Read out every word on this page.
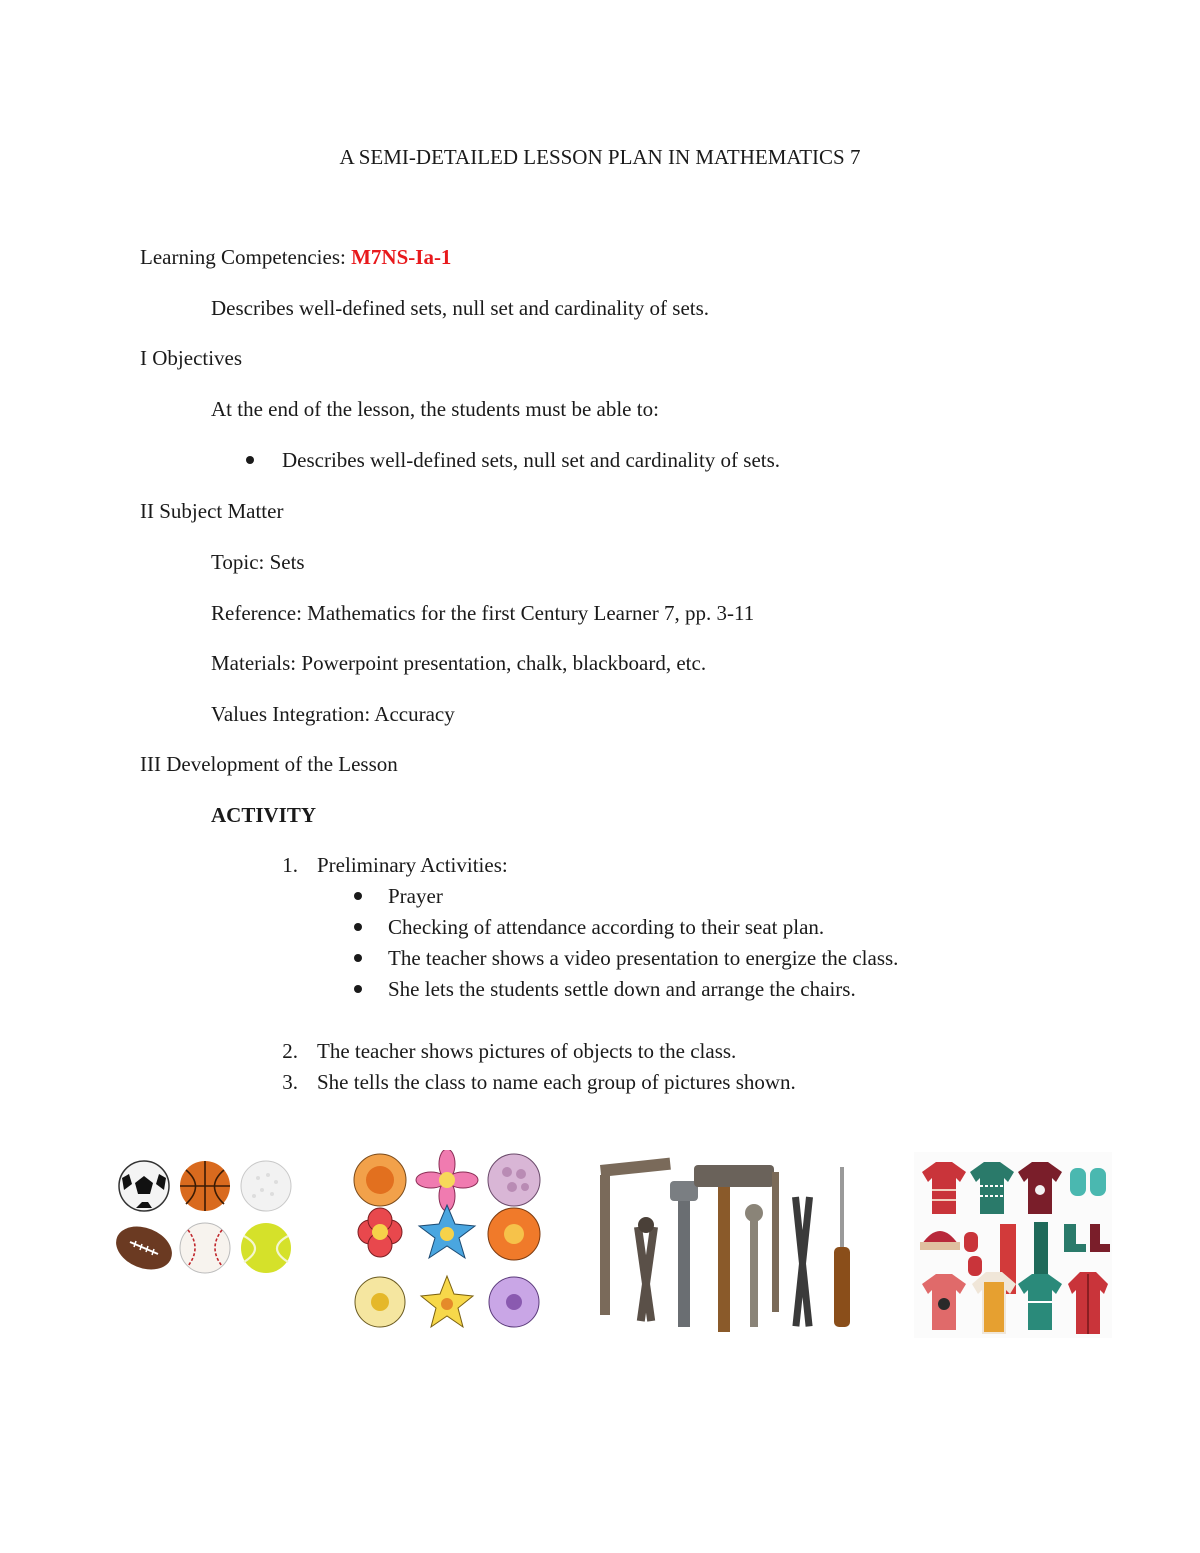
A SEMI-DETAILED LESSON PLAN IN MATHEMATICS 7
Learning Competencies: M7NS-Ia-1
Describes well-defined sets, null set and cardinality of sets.
I Objectives
At the end of the lesson, the students must be able to:
Describes well-defined sets, null set and cardinality of sets.
II Subject Matter
Topic: Sets
Reference: Mathematics for the first Century Learner 7, pp. 3-11
Materials: Powerpoint presentation, chalk, blackboard, etc.
Values Integration: Accuracy
III Development of the Lesson
ACTIVITY
1. Preliminary Activities:
Prayer
Checking of attendance according to their seat plan.
The teacher shows a video presentation to energize the class.
She lets the students settle down and arrange the chairs.
2. The teacher shows pictures of objects to the class.
3. She tells the class to name each group of pictures shown.
